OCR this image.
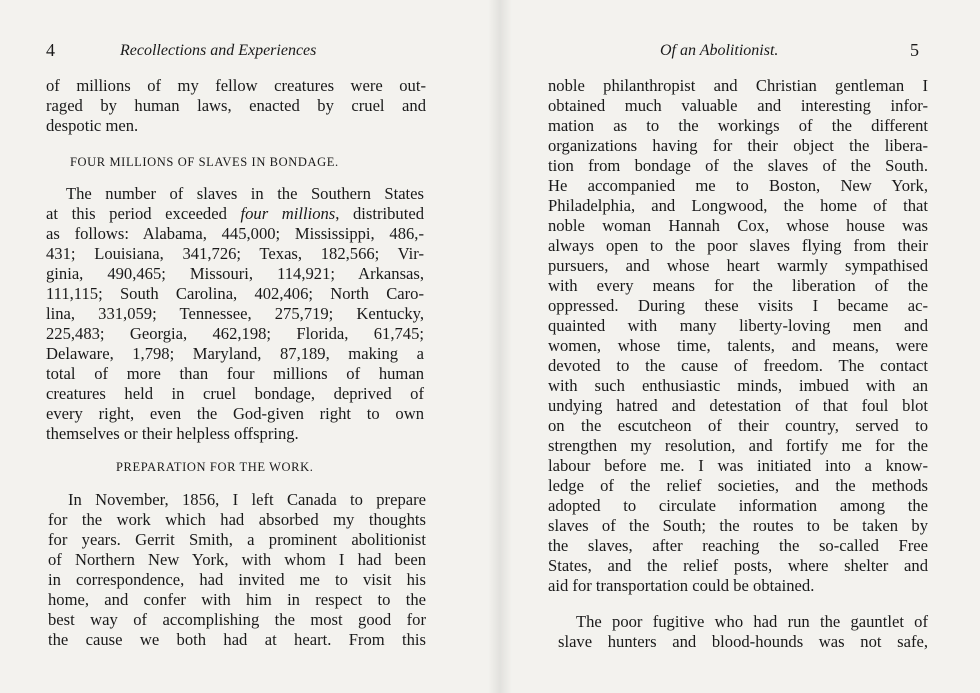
4	Recollections and Experiences
of millions of my fellow creatures were out-
raged by human laws, enacted by cruel and
despotic men.
FOUR MILLIONS OF SLAVES IN BONDAGE.
The number of slaves in the Southern States
at this period exceeded four millions, distributed
as follows: Alabama, 445,000; Mississippi, 486,-
431; Louisiana, 341,726; Texas, 182,566; Vir-
ginia, 490,465; Missouri, 114,921; Arkansas,
111,115; South Carolina, 402,406; North Caro-
lina, 331,059; Tennessee, 275,719; Kentucky,
225,483; Georgia, 462,198; Florida, 61,745;
Delaware, 1,798; Maryland, 87,189, making a
total of more than four millions of human
creatures held in cruel bondage, deprived of
every right, even the God-given right to own
themselves or their helpless offspring.
PREPARATION FOR THE WORK.
In November, 1856, I left Canada to prepare
for the work which had absorbed my thoughts
for years. Gerrit Smith, a prominent abolitionist
of Northern New York, with whom I had been
in correspondence, had invited me to visit his
home, and confer with him in respect to the
best way of accomplishing the most good for
the cause we both had at heart. From this
Of an Abolitionist.	5
noble philanthropist and Christian gentleman I
obtained much valuable and interesting infor-
mation as to the workings of the different
organizations having for their object the libera-
tion from bondage of the slaves of the South.
He accompanied me to Boston, New York,
Philadelphia, and Longwood, the home of that
noble woman Hannah Cox, whose house was
always open to the poor slaves flying from their
pursuers, and whose heart warmly sympathised
with every means for the liberation of the
oppressed. During these visits I became ac-
quainted with many liberty-loving men and
women, whose time, talents, and means, were
devoted to the cause of freedom. The contact
with such enthusiastic minds, imbued with an
undying hatred and detestation of that foul blot
on the escutcheon of their country, served to
strengthen my resolution, and fortify me for the
labour before me. I was initiated into a know-
ledge of the relief societies, and the methods
adopted to circulate information among the
slaves of the South; the routes to be taken by
the slaves, after reaching the so-called Free
States, and the relief posts, where shelter and
aid for transportation could be obtained.
The poor fugitive who had run the gauntlet of
slave hunters and blood-hounds was not safe,
